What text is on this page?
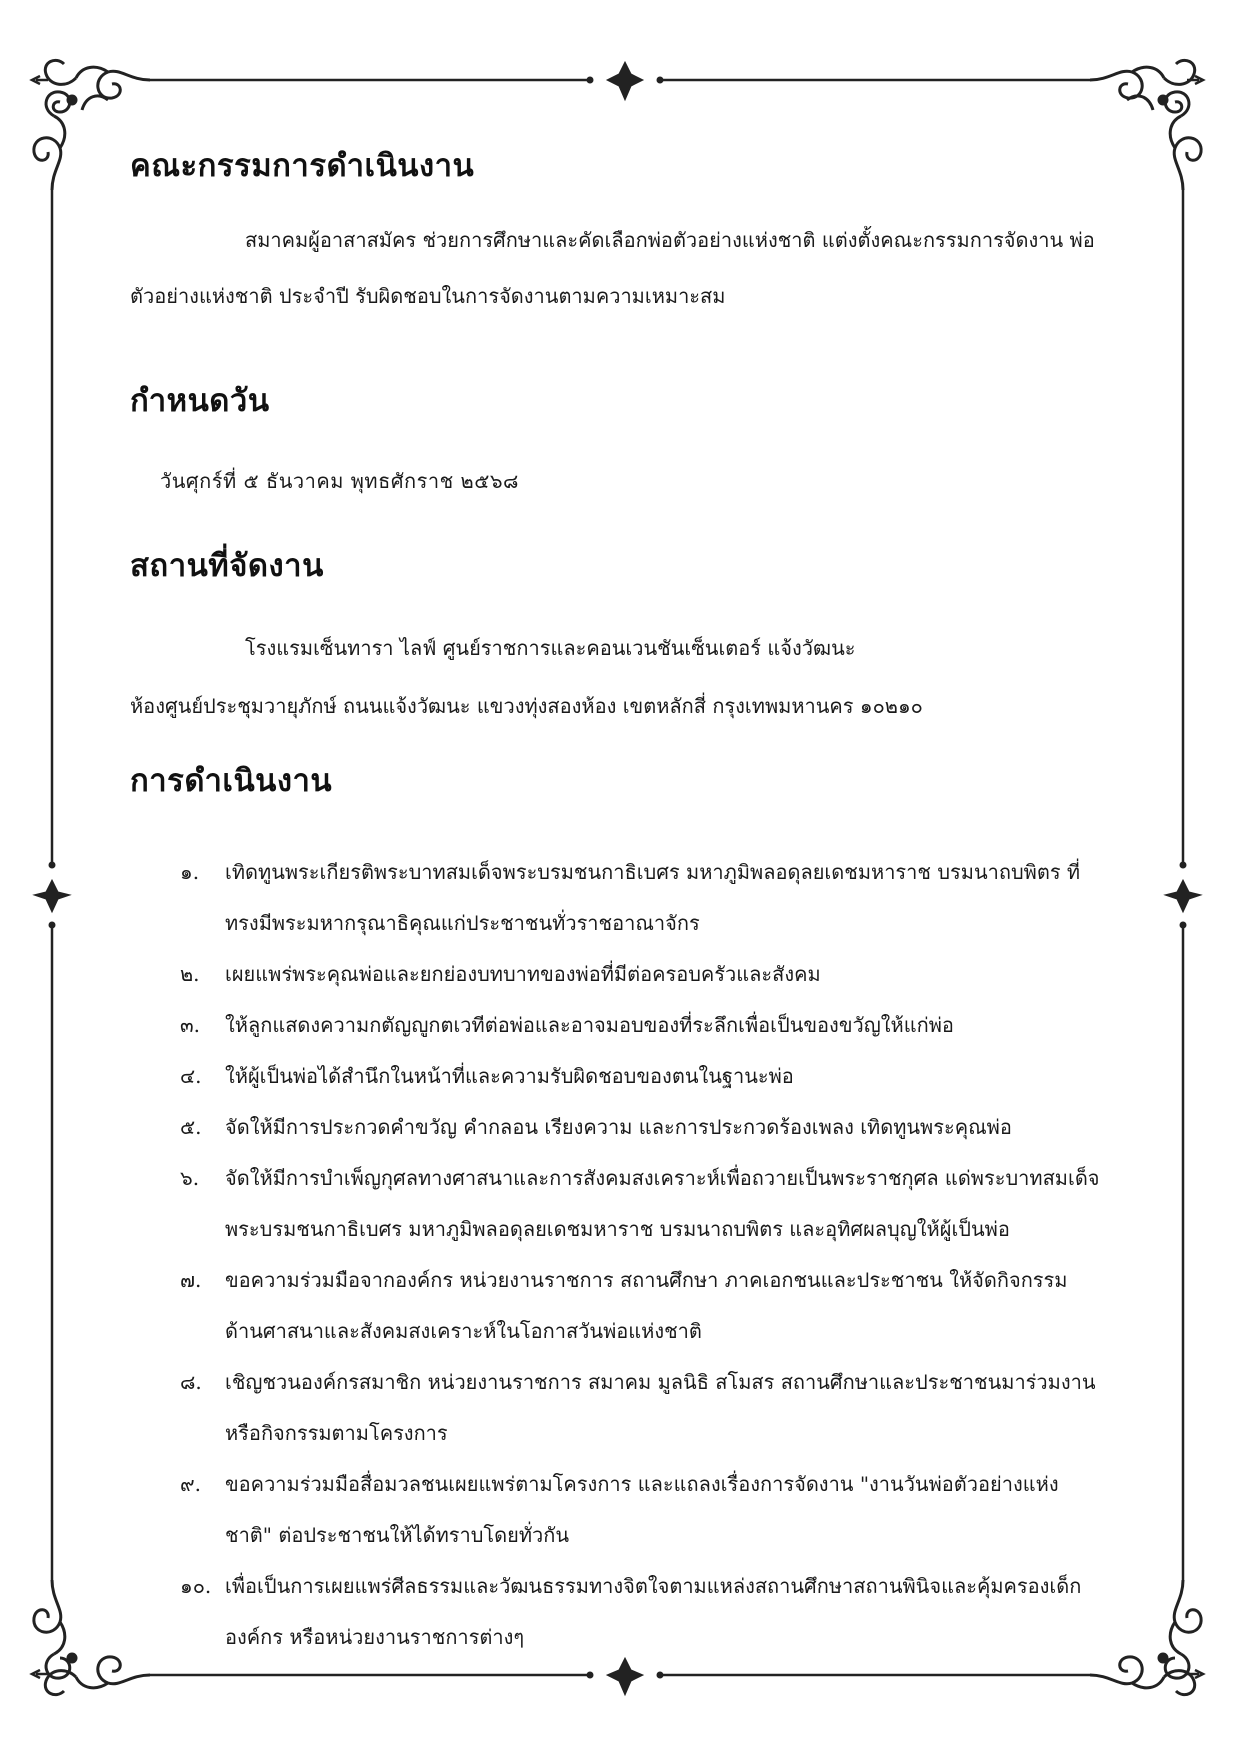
คณะกรรมการดำเนินงาน

สมาคมผู้อาสาสมัคร ช่วยการศึกษาและคัดเลือกพ่อตัวอย่างแห่งชาติ แต่งตั้งคณะกรรมการจัดงาน พ่อตัวอย่างแห่งชาติ ประจำปี รับผิดชอบในการจัดงานตามความเหมาะสม

กำหนดวัน

วันศุกร์ที่ ๕ ธันวาคม พุทธศักราช ๒๕๖๘

สถานที่จัดงาน

โรงแรมเซ็นทารา ไลฟ์ ศูนย์ราชการและคอนเวนชันเซ็นเตอร์ แจ้งวัฒนะ

ห้องศูนย์ประชุมวายุภักษ์ ถนนแจ้งวัฒนะ แขวงทุ่งสองห้อง เขตหลักสี่ กรุงเทพมหานคร ๑๐๒๑๐

การดำเนินงาน
๑.	เทิดทูนพระเกียรติพระบาทสมเด็จพระบรมชนกาธิเบศร มหาภูมิพลอดุลยเดชมหาราช บรมนาถบพิตร ที่ทรงมีพระมหากรุณาธิคุณแก่ประชาชนทั่วราชอาณาจักร
๒.	เผยแพร่พระคุณพ่อและยกย่องบทบาทของพ่อที่มีต่อครอบครัวและสังคม
๓.	ให้ลูกแสดงความกตัญญูกตเวทีต่อพ่อและอาจมอบของที่ระลึกเพื่อเป็นของขวัญให้แก่พ่อ
๔.	ให้ผู้เป็นพ่อได้สำนึกในหน้าที่และความรับผิดชอบของตนในฐานะพ่อ
๕.	จัดให้มีการประกวดคำขวัญ คำกลอน เรียงความ และการประกวดร้องเพลง เทิดทูนพระคุณพ่อ
๖.	จัดให้มีการบำเพ็ญกุศลทางศาสนาและการสังคมสงเคราะห์เพื่อถวายเป็นพระราชกุศล แด่พระบาทสมเด็จพระบรมชนกาธิเบศร มหาภูมิพลอดุลยเดชมหาราช บรมนาถบพิตร และอุทิศผลบุญให้ผู้เป็นพ่อ
๗.	ขอความร่วมมือจากองค์กร หน่วยงานราชการ สถานศึกษา ภาคเอกชนและประชาชน ให้จัดกิจกรรมด้านศาสนาและสังคมสงเคราะห์ในโอกาสวันพ่อแห่งชาติ
๘.	เชิญชวนองค์กรสมาชิก หน่วยงานราชการ สมาคม มูลนิธิ สโมสร สถานศึกษาและประชาชนมาร่วมงาน หรือกิจกรรมตามโครงการ
๙.	ขอความร่วมมือสื่อมวลชนเผยแพร่ตามโครงการ และแถลงเรื่องการจัดงาน "งานวันพ่อตัวอย่างแห่งชาติ" ต่อประชาชนให้ได้ทราบโดยทั่วกัน
๑๐. เพื่อเป็นการเผยแพร่ศีลธรรมและวัฒนธรรมทางจิตใจตามแหล่งสถานศึกษาสถานพินิจและคุ้มครองเด็ก องค์กร หรือหน่วยงานราชการต่างๆ
